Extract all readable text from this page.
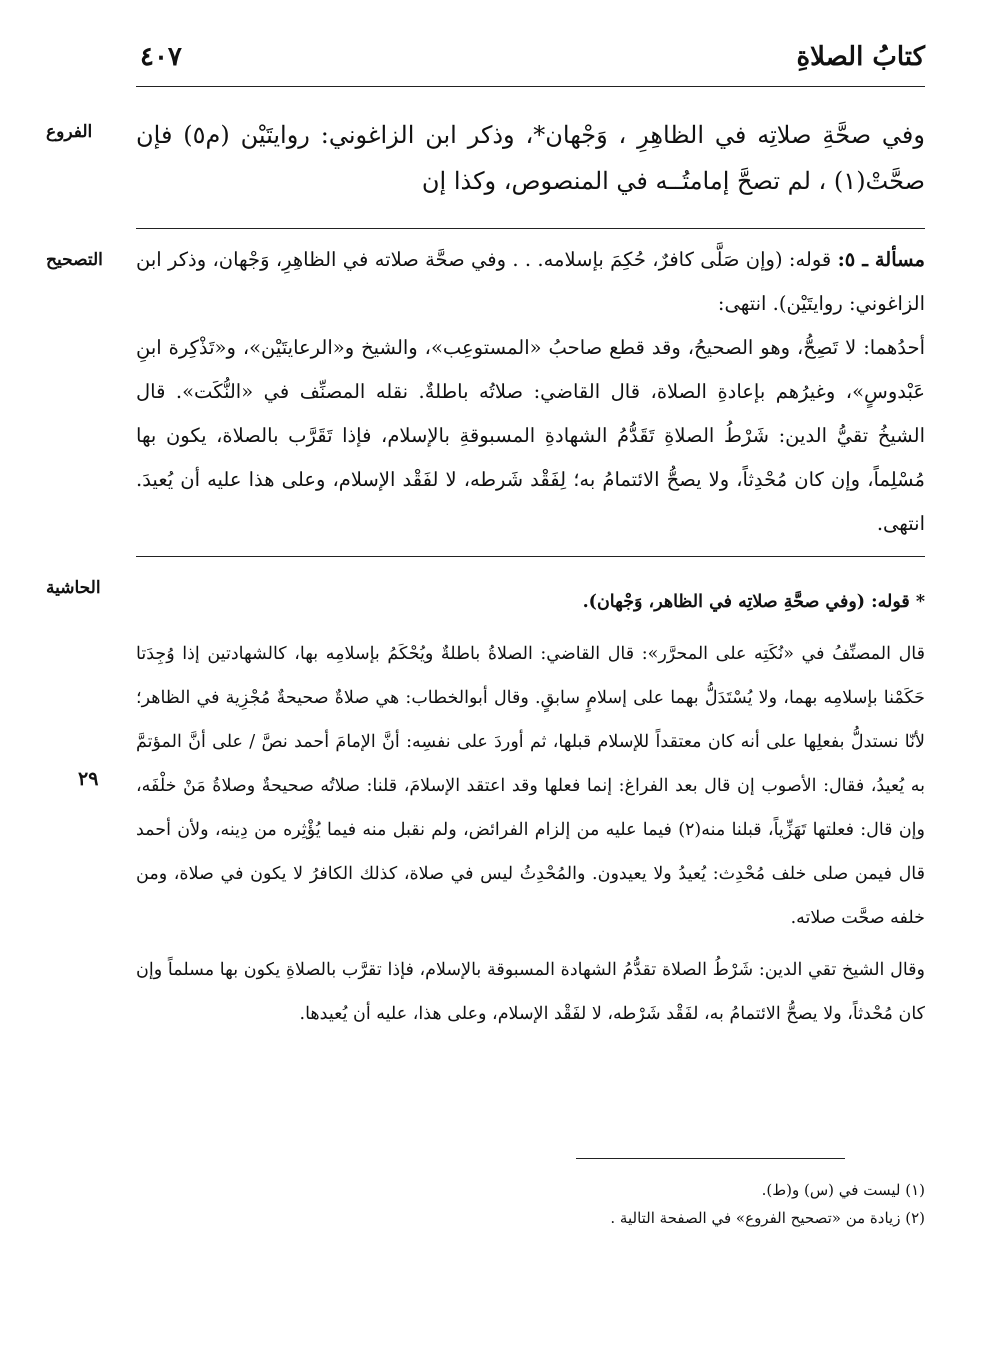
كتابُ الصلاةِ
٤٠٧
الفروع	وفي صحَّةِ صلاتِه في الظاهِرِ ، وَجْهان*، وذكر ابن الزاغوني: روايتَيْن (م٥) فإن صحَّتْ(١) ، لم تصحَّ إمامتُــه في المنصوص، وكذا إن
التصحيح	مسألة ـ ٥: قوله: (وإن صَلَّى كافرٌ، حُكِمَ بإسلامه. . . وفي صحَّة صلاته في الظاهِرِ، وَجْهان، وذكر ابن الزاغوني: روايتَيْن). انتهى:

أحدُهما: لا تَصِحُّ، وهو الصحيحُ، وقد قطع صاحبُ «المستوعِب»، والشيخ و«الرعايتَيْن»، و«تَذْكِرة ابنِ عَبْدوسٍ»، وغيرُهم بإعادةِ الصلاة، قال القاضي: صلاتُه باطلةٌ. نقله المصنِّف في «النُّكَت». قال الشيخُ تقيُّ الدين: شَرْطُ الصلاةِ تَقَدُّمُ الشهادةِ المسبوقةِ بالإسلام، فإذا تَقَرَّب بالصلاة، يكون بها مُسْلِماً، وإن كان مُحْدِثاً، ولا يصحُّ الائتمامُ به؛ لِفَقْد شَرطه، لا لفَقْد الإسلام، وعلى هذا عليه أن يُعيدَ. انتهى.

الحاشية
٢٩

* قوله: (وفي صحَّةِ صلاتِه في الظاهر، وَجْهان).

قال المصنِّفُ في «نُكَتِه على المحرَّر»: قال القاضي: الصلاةُ باطلةٌ ويُحْكَمُ بإسلامِه بها، كالشهادتين إذا وُجِدَتا حَكَمْنا بإسلامِه بهما، ولا يُسْتَدَلُّ بهما على إسلامٍ سابقٍ. وقال أبوالخطاب: هي صلاةٌ صحيحةٌ مُجْزِية في الظاهر؛ لأنّا نستدلُّ بفعلِها على أنه كان معتقداً للإسلام قبلها، ثم أوردَ على نفسِه: أنَّ الإمامَ أحمد نصَّ / على أنَّ المؤتمَّ به يُعيدُ، فقال: الأصوب إن قال بعد الفراغ: إنما فعلها وقد اعتقد الإسلامَ، قلنا: صلاتُه صحيحةٌ وصلاةُ مَنْ خلْفَه، وإن قال: فعلتها تَهَزِّياً، قبلنا منه(٢) فيما عليه من إلزام الفرائض، ولم نقبل منه فيما يُؤْثِره من دِينه، ولأن أحمد قال فيمن صلى خلف مُحْدِث: يُعيدُ ولا يعيدون. والمُحْدِثُ ليس في صلاة، كذلك الكافرُ لا يكون في صلاة، ومن خلفه صحَّت صلاته.

وقال الشيخ تقي الدين: شَرْطُ الصلاة تقدُّمُ الشهادة المسبوقة بالإسلام، فإذا تقرَّب بالصلاةِ يكون بها مسلماً وإن كان مُحْدثاً، ولا يصحُّ الائتمامُ به، لفَقْد شَرْطه، لا لفَقْد الإسلام، وعلى هذا، عليه أن يُعيدها.

(١) ليست في (س) و(ط).

(٢) زيادة من «تصحيح الفروع» في الصفحة التالية .
